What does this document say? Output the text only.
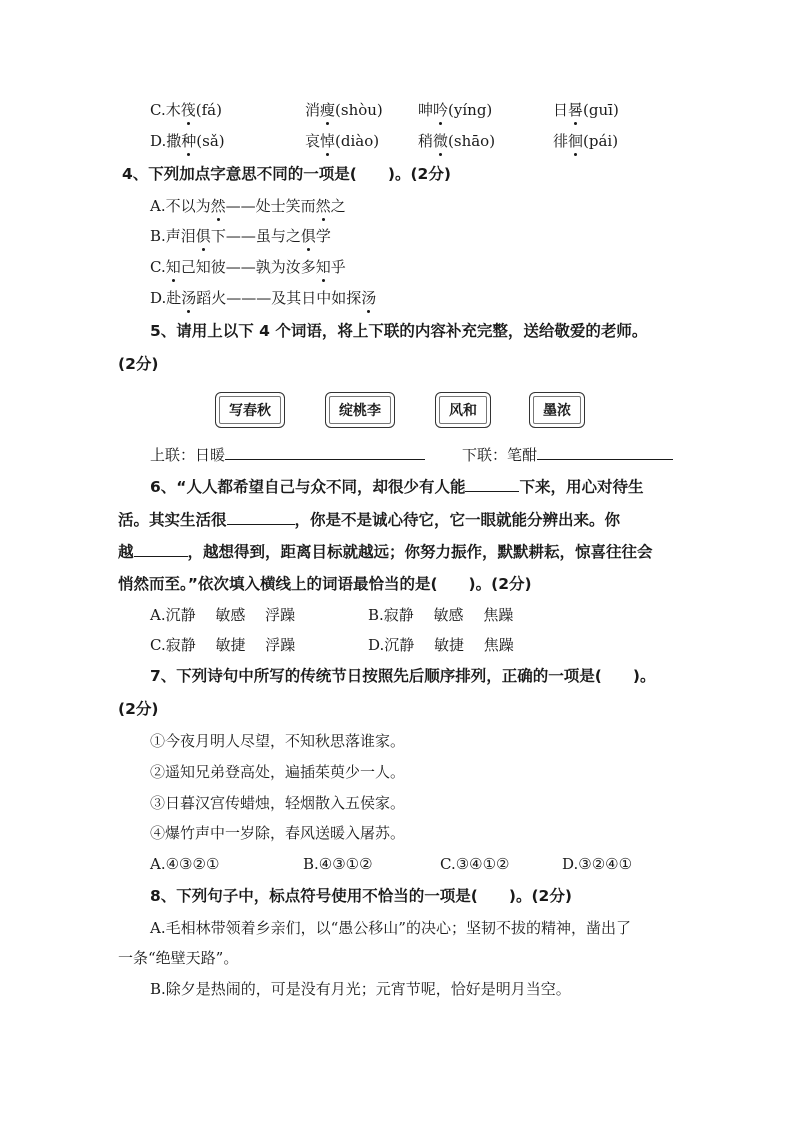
C.木筏(fá)	消瘦(shòu) 呻吟(yíng)	日晷(guī)
D.撒种(sǎ)	哀悼(diào)	稍微(shāo)	徘徊(pái)
4、下列加点字意思不同的一项是(　　)。(2分)
A.不以为然——处士笑而然之
B.声泪俱下——虽与之俱学
C.知己知彼——孰为汝多知乎
D.赴汤蹈火———及其日中如探汤
5、请用上以下 4 个词语，将上下联的内容补充完整，送给敬爱的老师。
(2分)
写春秋	绽桃李	风和	墨浓
上联：日暖	下联：笔酣
6、“人人都希望自己与众不同，却很少有人能	下来，用心对待生
活。其实生活很	，你是不是诚心待它，它一眼就能分辨出来。你
越	，越想得到，距离目标就越远；你努力振作，默默耕耘，惊喜往往会
悄然而至。”依次填入横线上的词语最恰当的是(　　)。(2分)
A.沉静　 敏感　 浮躁	B.寂静　 敏感　 焦躁
C.寂静　 敏捷　 浮躁	D.沉静　 敏捷　 焦躁
7、下列诗句中所写的传统节日按照先后顺序排列，正确的一项是(　　)。
(2分)
①今夜月明人尽望，不知秋思落谁家。
②遥知兄弟登高处，遍插茱萸少一人。
③日暮汉宫传蜡烛，轻烟散入五侯家。
④爆竹声中一岁除，春风送暖入屠苏。
A.④③②①	B.④③①②	C.③④①②	D.③②④①
8、下列句子中，标点符号使用不恰当的一项是(　　)。(2分)
A.毛相林带领着乡亲们，以“愚公移山”的决心；坚韧不拔的精神，凿出了
一条“绝壁天路”。
B.除夕是热闹的，可是没有月光；元宵节呢，恰好是明月当空。
